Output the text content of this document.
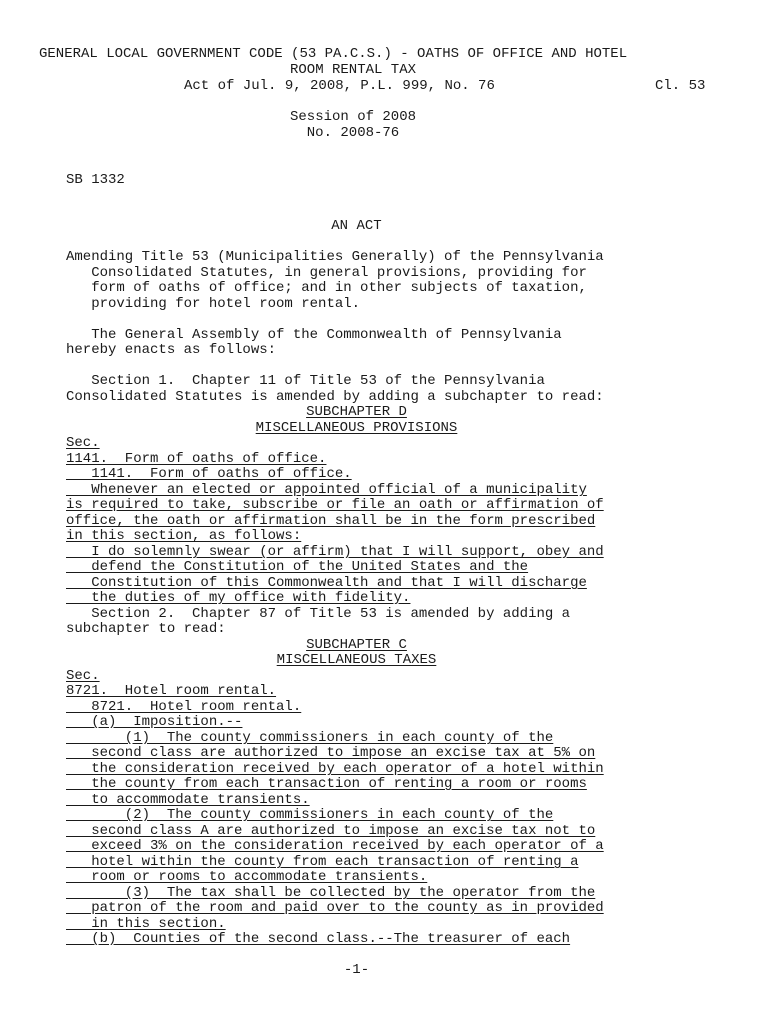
GENERAL LOCAL GOVERNMENT CODE (53 PA.C.S.) - OATHS OF OFFICE AND HOTEL
ROOM RENTAL TAX
Act of Jul. 9, 2008, P.L. 999, No. 76	Cl. 53
Session of 2008
No. 2008-76
SB 1332
AN ACT
Amending Title 53 (Municipalities Generally) of the Pennsylvania
Consolidated Statutes, in general provisions, providing for
form of oaths of office; and in other subjects of taxation,
providing for hotel room rental.
The General Assembly of the Commonwealth of Pennsylvania
hereby enacts as follows:
Section 1.  Chapter 11 of Title 53 of the Pennsylvania
Consolidated Statutes is amended by adding a subchapter to read:
SUBCHAPTER D
MISCELLANEOUS PROVISIONS
Sec.
1141.  Form of oaths of office.
1141.  Form of oaths of office.
Whenever an elected or appointed official of a municipality
is required to take, subscribe or file an oath or affirmation of
office, the oath or affirmation shall be in the form prescribed
in this section, as follows:
I do solemnly swear (or affirm) that I will support, obey and
defend the Constitution of the United States and the
Constitution of this Commonwealth and that I will discharge
the duties of my office with fidelity.
Section 2.  Chapter 87 of Title 53 is amended by adding a
subchapter to read:
SUBCHAPTER C
MISCELLANEOUS TAXES
Sec.
8721.  Hotel room rental.
8721.  Hotel room rental.
(a)  Imposition.--
(1)  The county commissioners in each county of the
second class are authorized to impose an excise tax at 5% on
the consideration received by each operator of a hotel within
the county from each transaction of renting a room or rooms
to accommodate transients.
(2)  The county commissioners in each county of the
second class A are authorized to impose an excise tax not to
exceed 3% on the consideration received by each operator of a
hotel within the county from each transaction of renting a
room or rooms to accommodate transients.
(3)  The tax shall be collected by the operator from the
patron of the room and paid over to the county as in provided
in this section.
(b)  Counties of the second class.--The treasurer of each
-1-
